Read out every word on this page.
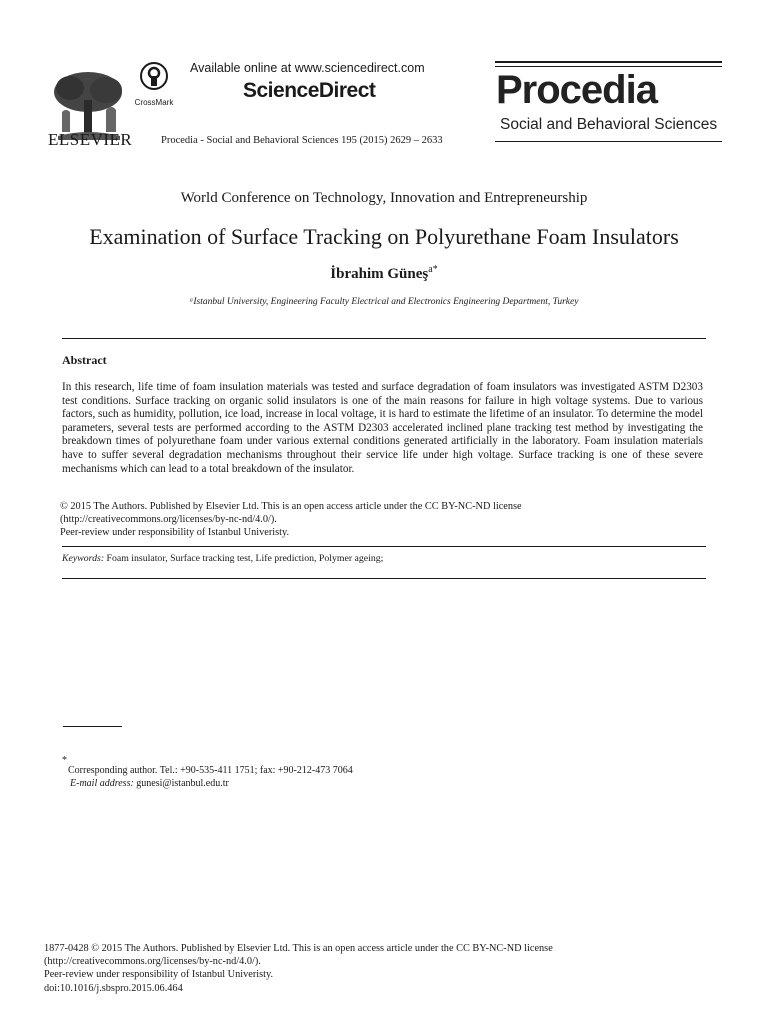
ELSEVIER
CrossMark
Available online at www.sciencedirect.com
ScienceDirect
Procedia - Social and Behavioral Sciences 195 (2015) 2629 – 2633
Procedia
Social and Behavioral Sciences
World Conference on Technology, Innovation and Entrepreneurship
Examination of Surface Tracking on Polyurethane Foam Insulators
İbrahim Güneş$^{a*}$
ᵃIstanbul University, Engineering Faculty Electrical and Electronics Engineering Department, Turkey
Abstract
In this research, life time of foam insulation materials was tested and surface degradation of foam insulators was investigated ASTM D2303 test conditions. Surface tracking on organic solid insulators is one of the main reasons for failure in high voltage systems. Due to various factors, such as humidity, pollution, ice load, increase in local voltage, it is hard to estimate the lifetime of an insulator. To determine the model parameters, several tests are performed according to the ASTM D2303 accelerated inclined plane tracking test method by investigating the breakdown times of polyurethane foam under various external conditions generated artificially in the laboratory. Foam insulation materials have to suffer several degradation mechanisms throughout their service life under high voltage. Surface tracking is one of these severe mechanisms which can lead to a total breakdown of the insulator.
© 2015 The Authors. Published by Elsevier Ltd. This is an open access article under the CC BY-NC-ND license
(http://creativecommons.org/licenses/by-nc-nd/4.0/).
Peer-review under responsibility of Istanbul Univeristy.
Keywords: Foam insulator, Surface tracking test, Life prediction, Polymer ageing;
*
Corresponding author. Tel.: +90-535-411 1751; fax: +90-212-473 7064
E-mail address: gunesi@istanbul.edu.tr
1877-0428 © 2015 The Authors. Published by Elsevier Ltd. This is an open access article under the CC BY-NC-ND license
(http://creativecommons.org/licenses/by-nc-nd/4.0/).
Peer-review under responsibility of Istanbul Univeristy.
doi:10.1016/j.sbspro.2015.06.464
